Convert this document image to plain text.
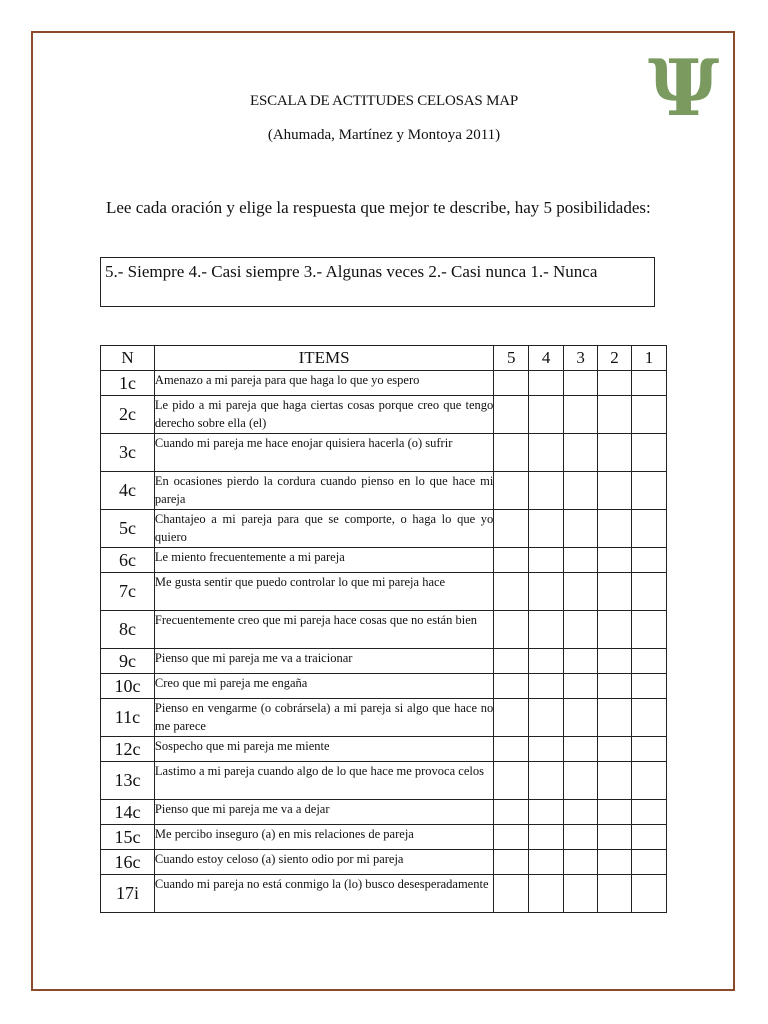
Ψ
ESCALA DE ACTITUDES CELOSAS MAP
(Ahumada, Martínez y Montoya 2011)
Lee cada oración y elige la respuesta que mejor te describe, hay 5 posibilidades:
5.- Siempre 4.- Casi siempre 3.- Algunas veces 2.- Casi nunca 1.- Nunca
N	ITEMS	5	4	3	2	1
1c	Amenazo a mi pareja para que haga lo que yo espero					
2c	Le pido a mi pareja que haga ciertas cosas porque creo que tengo derecho sobre ella (el)					
3c	Cuando mi pareja me hace enojar quisiera hacerla (o) sufrir					
4c	En ocasiones pierdo la cordura cuando pienso en lo que hace mi pareja					
5c	Chantajeo a mi pareja para que se comporte, o haga lo que yo quiero					
6c	Le miento frecuentemente a mi pareja					
7c	Me gusta sentir que puedo controlar lo que mi pareja hace					
8c	Frecuentemente creo que mi pareja hace cosas que no están bien					
9c	Pienso que mi pareja me va a traicionar					
10c	Creo que mi pareja me engaña					
11c	Pienso en vengarme (o cobrársela) a mi pareja si algo que hace no me parece					
12c	Sospecho que mi pareja me miente					
13c	Lastimo a mi pareja cuando algo de lo que hace me provoca celos					
14c	Pienso que mi pareja me va a dejar					
15c	Me percibo inseguro (a) en mis relaciones de pareja					
16c	Cuando estoy celoso (a) siento odio por mi pareja					
17i	Cuando mi pareja no está conmigo la (lo) busco desesperadamente					
